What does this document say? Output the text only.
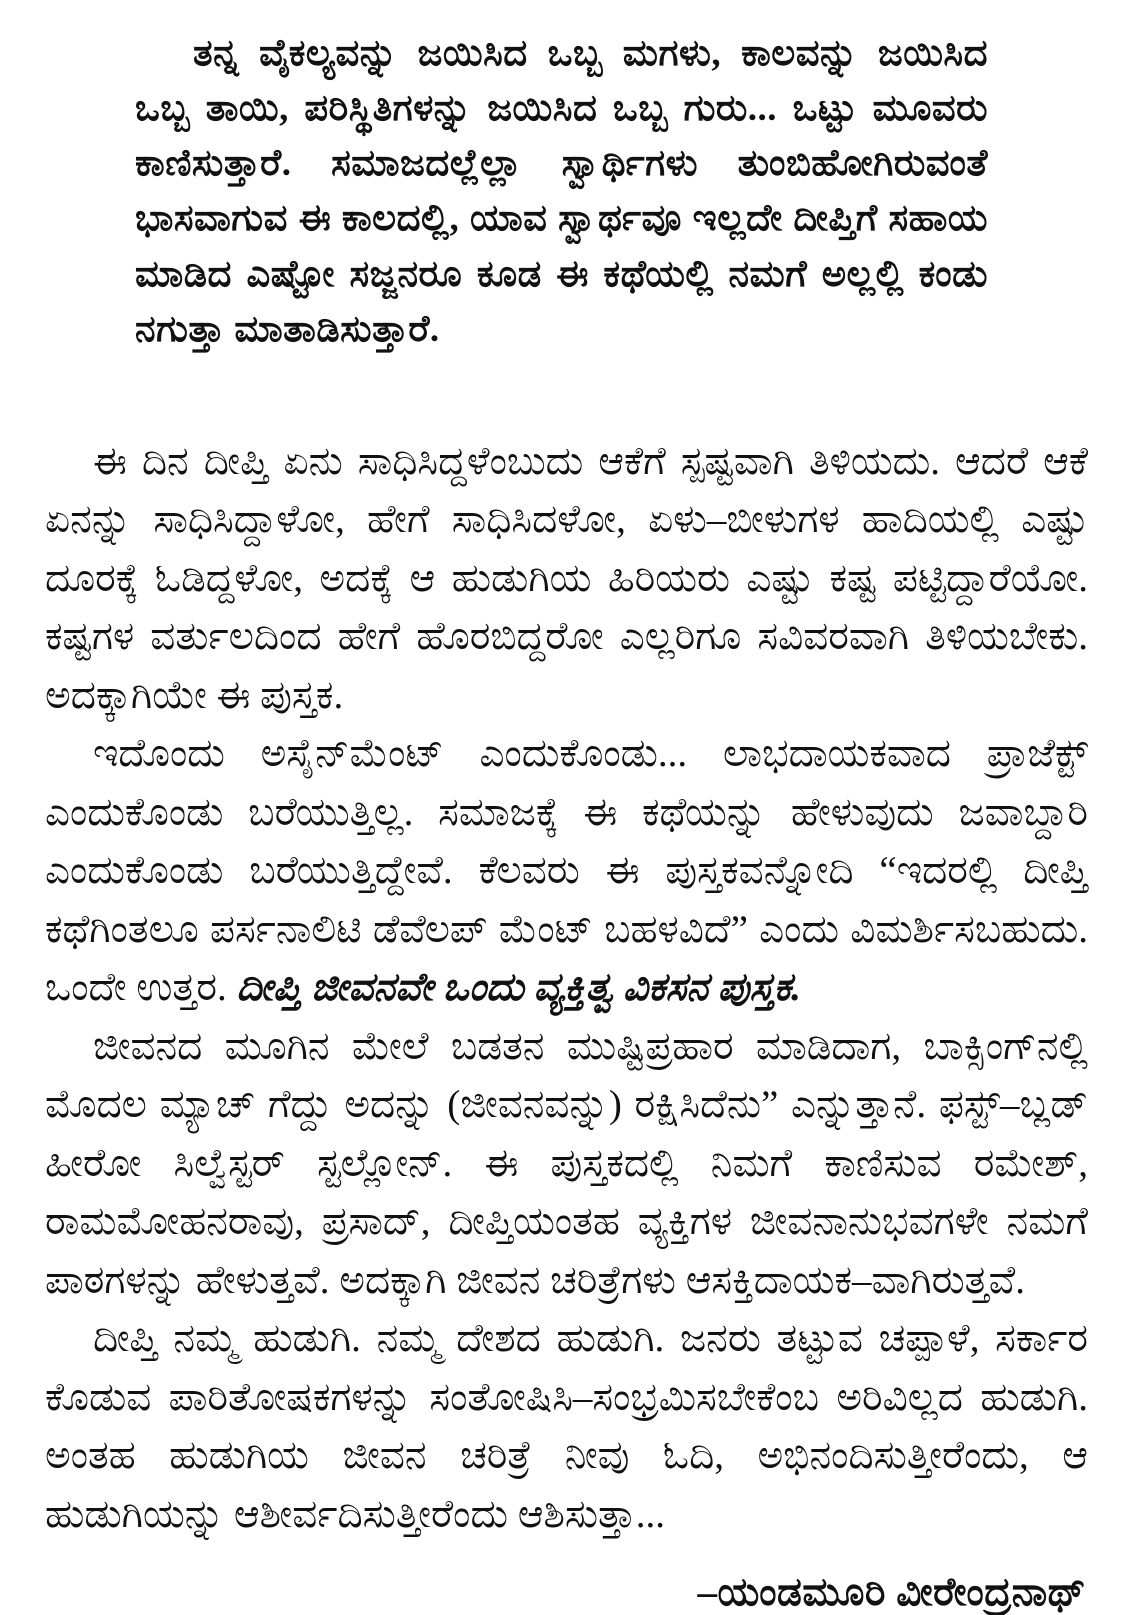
ತನ್ನ ವೈಕಲ್ಯವನ್ನು ಜಯಿಸಿದ ಒಬ್ಬ ಮಗಳು, ಕಾಲವನ್ನು ಜಯಿಸಿದ ಒಬ್ಬ ತಾಯಿ, ಪರಿಸ್ಥಿತಿಗಳನ್ನು ಜಯಿಸಿದ ಒಬ್ಬ ಗುರು... ಒಟ್ಟು ಮೂವರು ಕಾಣಿಸುತ್ತಾರೆ. ಸಮಾಜದಲ್ಲೆಲ್ಲಾ ಸ್ವಾರ್ಥಿಗಳು ತುಂಬಿಹೋಗಿರುವಂತೆ ಭಾಸವಾಗುವ ಈ ಕಾಲದಲ್ಲಿ, ಯಾವ ಸ್ವಾರ್ಥವೂ ಇಲ್ಲದೇ ದೀಪ್ತಿಗೆ ಸಹಾಯ ಮಾಡಿದ ಎಷ್ಟೋ ಸಜ್ಜನರೂ ಕೂಡ ಈ ಕಥೆಯಲ್ಲಿ ನಮಗೆ ಅಲ್ಲಲ್ಲಿ ಕಂಡು ನಗುತ್ತಾ ಮಾತಾಡಿಸುತ್ತಾರೆ.

ಈ ದಿನ ದೀಪ್ತಿ ಏನು ಸಾಧಿಸಿದ್ದಳೆಂಬುದು ಆಕೆಗೆ ಸ್ಪಷ್ಟವಾಗಿ ತಿಳಿಯದು. ಆದರೆ ಆಕೆ ಏನನ್ನು ಸಾಧಿಸಿದ್ದಾಳೋ, ಹೇಗೆ ಸಾಧಿಸಿದಳೋ, ಏಳು–ಬೀಳುಗಳ ಹಾದಿಯಲ್ಲಿ ಎಷ್ಟು ದೂರಕ್ಕೆ ಓಡಿದ್ದಳೋ, ಅದಕ್ಕೆ ಆ ಹುಡುಗಿಯ ಹಿರಿಯರು ಎಷ್ಟು ಕಷ್ಟ ಪಟ್ಟಿದ್ದಾರೆಯೋ. ಕಷ್ಟಗಳ ವರ್ತುಲದಿಂದ ಹೇಗೆ ಹೊರಬಿದ್ದರೋ ಎಲ್ಲರಿಗೂ ಸವಿವರವಾಗಿ ತಿಳಿಯಬೇಕು. ಅದಕ್ಕಾಗಿಯೇ ಈ ಪುಸ್ತಕ.

ಇದೊಂದು ಅಸೈನ್‌ಮೆಂಟ್ ಎಂದುಕೊಂಡು... ಲಾಭದಾಯಕವಾದ ಪ್ರಾಜೆಕ್ಟ್ ಎಂದುಕೊಂಡು ಬರೆಯುತ್ತಿಲ್ಲ. ಸಮಾಜಕ್ಕೆ ಈ ಕಥೆಯನ್ನು ಹೇಳುವುದು ಜವಾಬ್ದಾರಿ ಎಂದುಕೊಂಡು ಬರೆಯುತ್ತಿದ್ದೇವೆ. ಕೆಲವರು ಈ ಪುಸ್ತಕವನ್ನೋದಿ “ಇದರಲ್ಲಿ ದೀಪ್ತಿ ಕಥೆಗಿಂತಲೂ ಪರ್ಸನಾಲಿಟಿ ಡೆವೆಲಪ್ ಮೆಂಟ್ ಬಹಳವಿದೆ” ಎಂದು ವಿಮರ್ಶಿಸಬಹುದು. ಒಂದೇ ಉತ್ತರ. ದೀಪ್ತಿ ಜೀವನವೇ ಒಂದು ವ್ಯಕ್ತಿತ್ವ ವಿಕಸನ ಪುಸ್ತಕ.

ಜೀವನದ ಮೂಗಿನ ಮೇಲೆ ಬಡತನ ಮುಷ್ಟಿಪ್ರಹಾರ ಮಾಡಿದಾಗ, ಬಾಕ್ಸಿಂಗ್‌ನಲ್ಲಿ ಮೊದಲ ಮ್ಯಾಚ್ ಗೆದ್ದು ಅದನ್ನು (ಜೀವನವನ್ನು) ರಕ್ಷಿಸಿದೆನು” ಎನ್ನುತ್ತಾನೆ. ಫಸ್ಟ್–ಬ್ಲಡ್ ಹೀರೋ ಸಿಲ್ವೆಸ್ಟರ್ ಸ್ಟಲ್ಲೋನ್. ಈ ಪುಸ್ತಕದಲ್ಲಿ ನಿಮಗೆ ಕಾಣಿಸುವ ರಮೇಶ್, ರಾಮಮೋಹನರಾವು, ಪ್ರಸಾದ್, ದೀಪ್ತಿಯಂತಹ ವ್ಯಕ್ತಿಗಳ ಜೀವನಾನುಭವಗಳೇ ನಮಗೆ ಪಾಠಗಳನ್ನು ಹೇಳುತ್ತವೆ. ಅದಕ್ಕಾಗಿ ಜೀವನ ಚರಿತ್ರೆಗಳು ಆಸಕ್ತಿದಾಯಕ–ವಾಗಿರುತ್ತವೆ.

ದೀಪ್ತಿ ನಮ್ಮ ಹುಡುಗಿ. ನಮ್ಮ ದೇಶದ ಹುಡುಗಿ. ಜನರು ತಟ್ಟುವ ಚಪ್ಪಾಳೆ, ಸರ್ಕಾರ ಕೊಡುವ ಪಾರಿತೋಷಕಗಳನ್ನು ಸಂತೋಷಿಸಿ–ಸಂಭ್ರಮಿಸಬೇಕೆಂಬ ಅರಿವಿಲ್ಲದ ಹುಡುಗಿ. ಅಂತಹ ಹುಡುಗಿಯ ಜೀವನ ಚರಿತ್ರೆ ನೀವು ಓದಿ, ಅಭಿನಂದಿಸುತ್ತೀರೆಂದು, ಆ ಹುಡುಗಿಯನ್ನು ಆಶೀರ್ವದಿಸುತ್ತೀರೆಂದು ಆಶಿಸುತ್ತಾ...

–ಯಂಡಮೂರಿ ವೀರೇಂದ್ರನಾಥ್
